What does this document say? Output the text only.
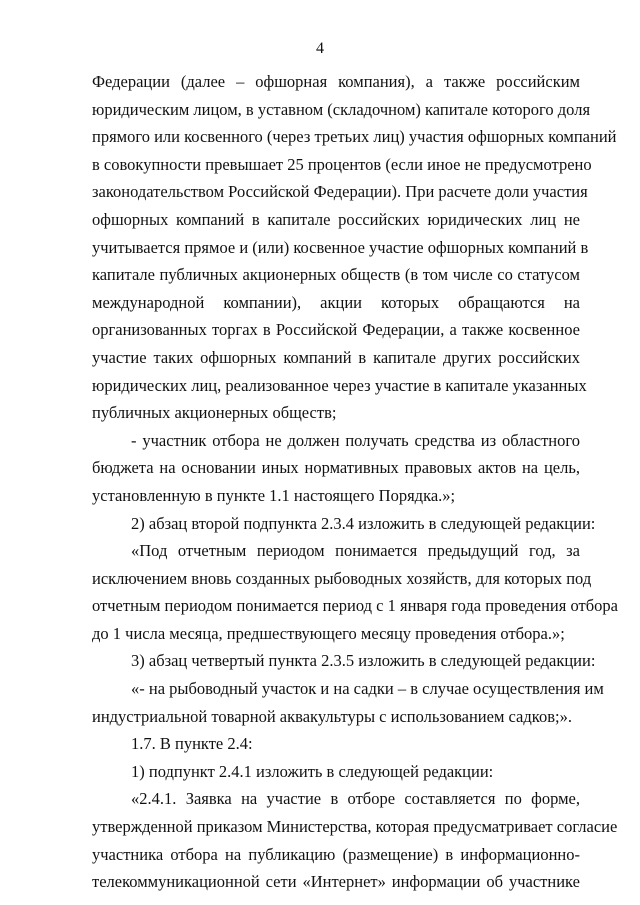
4
Федерации (далее – офшорная компания), а также российским
юридическим лицом, в уставном (складочном) капитале которого доля
прямого или косвенного (через третьих лиц) участия офшорных компаний
в совокупности превышает 25 процентов (если иное не предусмотрено
законодательством Российской Федерации). При расчете доли участия
офшорных компаний в капитале российских юридических лиц не
учитывается прямое и (или) косвенное участие офшорных компаний в
капитале публичных акционерных обществ (в том числе со статусом
международной компании), акции которых обращаются на
организованных торгах в Российской Федерации, а также косвенное
участие таких офшорных компаний в капитале других российских
юридических лиц, реализованное через участие в капитале указанных
публичных акционерных обществ;
- участник отбора не должен получать средства из областного
бюджета на основании иных нормативных правовых актов на цель,
установленную в пункте 1.1 настоящего Порядка.»;
2) абзац второй подпункта 2.3.4 изложить в следующей редакции:
«Под отчетным периодом понимается предыдущий год, за
исключением вновь созданных рыбоводных хозяйств, для которых под
отчетным периодом понимается период с 1 января года проведения отбора
до 1 числа месяца, предшествующего месяцу проведения отбора.»;
3) абзац четвертый пункта 2.3.5 изложить в следующей редакции:
«- на рыбоводный участок и на садки – в случае осуществления им
индустриальной товарной аквакультуры с использованием садков;».
1.7. В пункте 2.4:
1) подпункт 2.4.1 изложить в следующей редакции:
«2.4.1. Заявка на участие в отборе составляется по форме,
утвержденной приказом Министерства, которая предусматривает согласие
участника отбора на публикацию (размещение) в информационно-
телекоммуникационной сети «Интернет» информации об участнике
